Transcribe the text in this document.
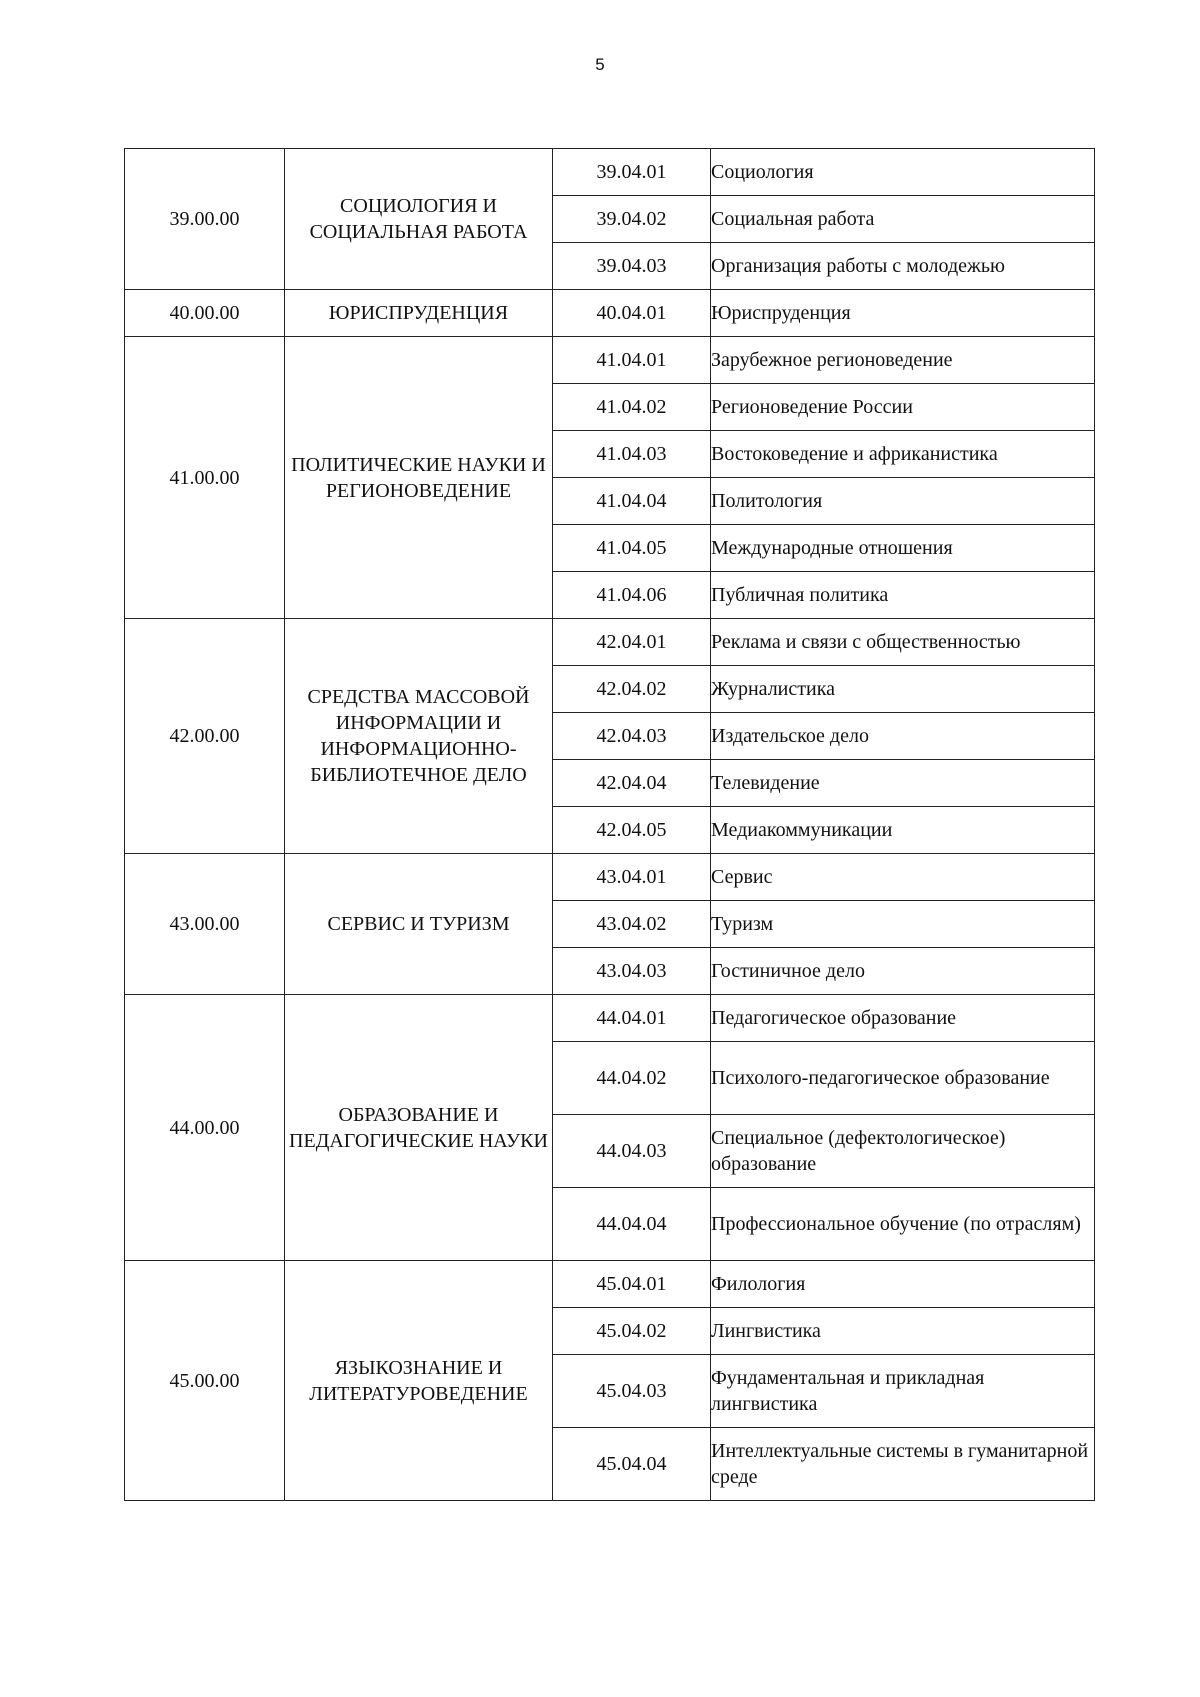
5
39.00.00	СОЦИОЛОГИЯ И СОЦИАЛЬНАЯ РАБОТА	39.04.01	Социология
		39.04.02	Социальная работа
		39.04.03	Организация работы с молодежью
40.00.00	ЮРИСПРУДЕНЦИЯ	40.04.01	Юриспруденция
41.00.00	ПОЛИТИЧЕСКИЕ НАУКИ И РЕГИОНОВЕДЕНИЕ	41.04.01	Зарубежное регионоведение
		41.04.02	Регионоведение России
		41.04.03	Востоковедение и африканистика
		41.04.04	Политология
		41.04.05	Международные отношения
		41.04.06	Публичная политика
42.00.00	СРЕДСТВА МАССОВОЙ ИНФОРМАЦИИ И ИНФОРМАЦИОННО-БИБЛИОТЕЧНОЕ ДЕЛО	42.04.01	Реклама и связи с общественностью
		42.04.02	Журналистика
		42.04.03	Издательское дело
		42.04.04	Телевидение
		42.04.05	Медиакоммуникации
43.00.00	СЕРВИС И ТУРИЗМ	43.04.01	Сервис
		43.04.02	Туризм
		43.04.03	Гостиничное дело
44.00.00	ОБРАЗОВАНИЕ И ПЕДАГОГИЧЕСКИЕ НАУКИ	44.04.01	Педагогическое образование
		44.04.02	Психолого-педагогическое образование
		44.04.03	Специальное (дефектологическое) образование
		44.04.04	Профессиональное обучение (по отраслям)
45.00.00	ЯЗЫКОЗНАНИЕ И ЛИТЕРАТУРОВЕДЕНИЕ	45.04.01	Филология
		45.04.02	Лингвистика
		45.04.03	Фундаментальная и прикладная лингвистика
		45.04.04	Интеллектуальные системы в гуманитарной среде
